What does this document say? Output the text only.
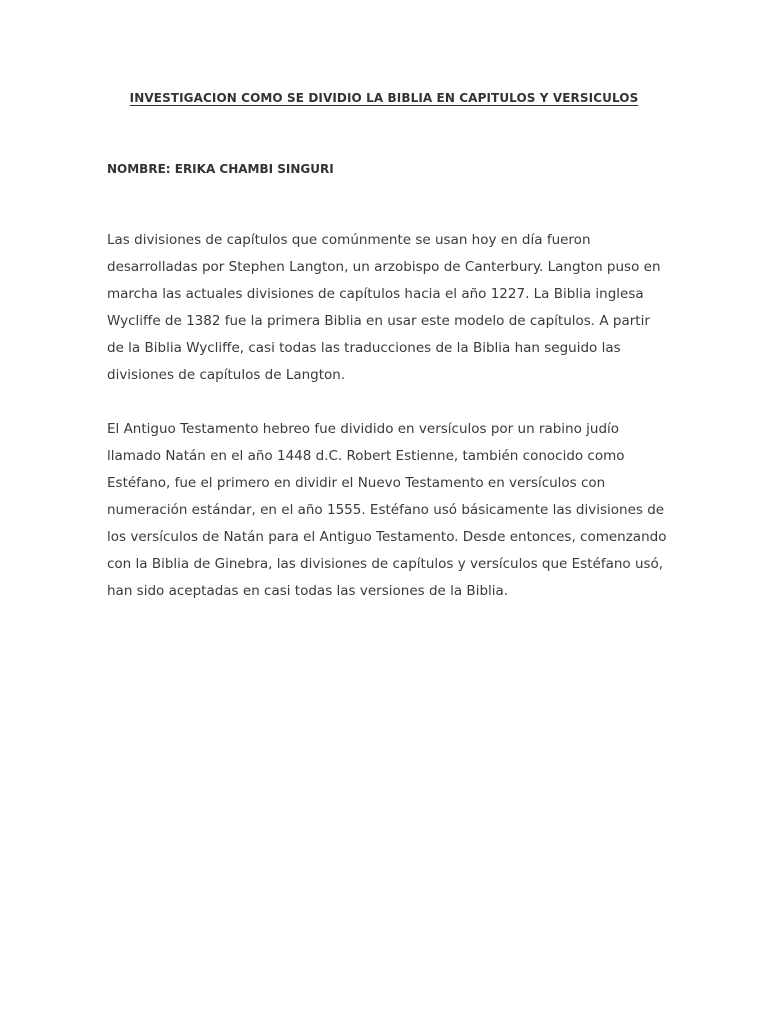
INVESTIGACION COMO SE DIVIDIO LA BIBLIA EN CAPITULOS Y VERSICULOS
NOMBRE: ERIKA CHAMBI SINGURI

Las divisiones de capítulos que comúnmente se usan hoy en día fueron desarrolladas por Stephen Langton, un arzobispo de Canterbury. Langton puso en marcha las actuales divisiones de capítulos hacia el año 1227. La Biblia inglesa Wycliffe de 1382 fue la primera Biblia en usar este modelo de capítulos. A partir de la Biblia Wycliffe, casi todas las traducciones de la Biblia han seguido las divisiones de capítulos de Langton.

El Antiguo Testamento hebreo fue dividido en versículos por un rabino judío llamado Natán en el año 1448 d.C. Robert Estienne, también conocido como Estéfano, fue el primero en dividir el Nuevo Testamento en versículos con numeración estándar, en el año 1555. Estéfano usó básicamente las divisiones de los versículos de Natán para el Antiguo Testamento. Desde entonces, comenzando con la Biblia de Ginebra, las divisiones de capítulos y versículos que Estéfano usó, han sido aceptadas en casi todas las versiones de la Biblia.
